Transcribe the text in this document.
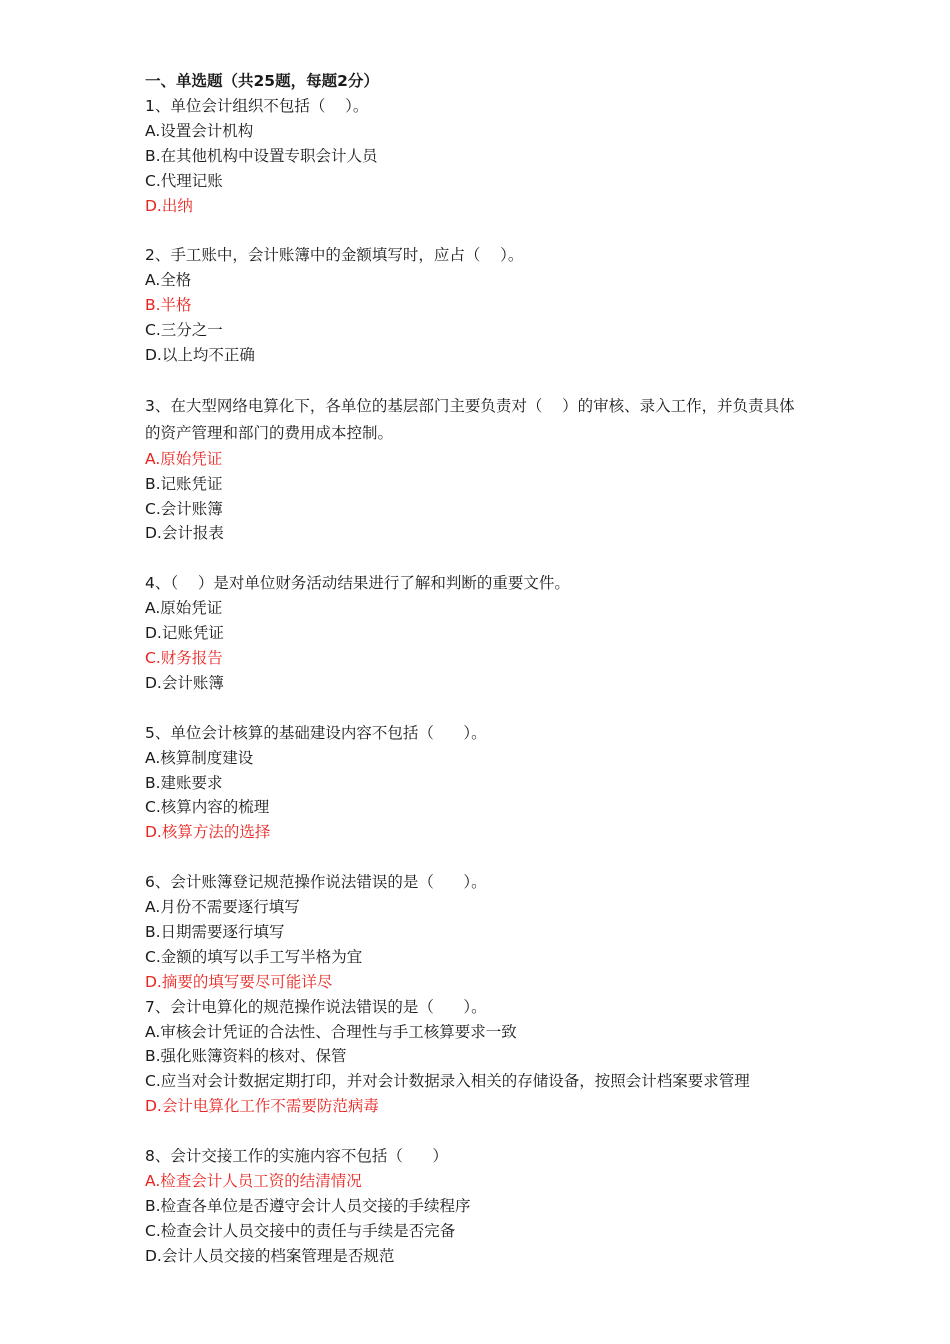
一、单选题（共25题，每题2分）
1、单位会计组织不包括（    ）。
A.设置会计机构
B.在其他机构中设置专职会计人员
C.代理记账
D.出纳
2、手工账中，会计账簿中的金额填写时，应占（    ）。
A.全格
B.半格
C.三分之一
D.以上均不正确
3、在大型网络电算化下，各单位的基层部门主要负责对（    ）的审核、录入工作，并负责具体的资产管理和部门的费用成本控制。
A.原始凭证
B.记账凭证
C.会计账簿
D.会计报表
4、（    ）是对单位财务活动结果进行了解和判断的重要文件。
A.原始凭证
D.记账凭证
C.财务报告
D.会计账簿
5、单位会计核算的基础建设内容不包括（      ）。
A.核算制度建设
B.建账要求
C.核算内容的梳理
D.核算方法的选择
6、会计账簿登记规范操作说法错误的是（      ）。
A.月份不需要逐行填写
B.日期需要逐行填写
C.金额的填写以手工写半格为宜
D.摘要的填写要尽可能详尽
7、会计电算化的规范操作说法错误的是（      ）。
A.审核会计凭证的合法性、合理性与手工核算要求一致
B.强化账簿资料的核对、保管
C.应当对会计数据定期打印，并对会计数据录入相关的存储设备，按照会计档案要求管理
D.会计电算化工作不需要防范病毒
8、会计交接工作的实施内容不包括（      ）
A.检查会计人员工资的结清情况
B.检查各单位是否遵守会计人员交接的手续程序
C.检查会计人员交接中的责任与手续是否完备
D.会计人员交接的档案管理是否规范
